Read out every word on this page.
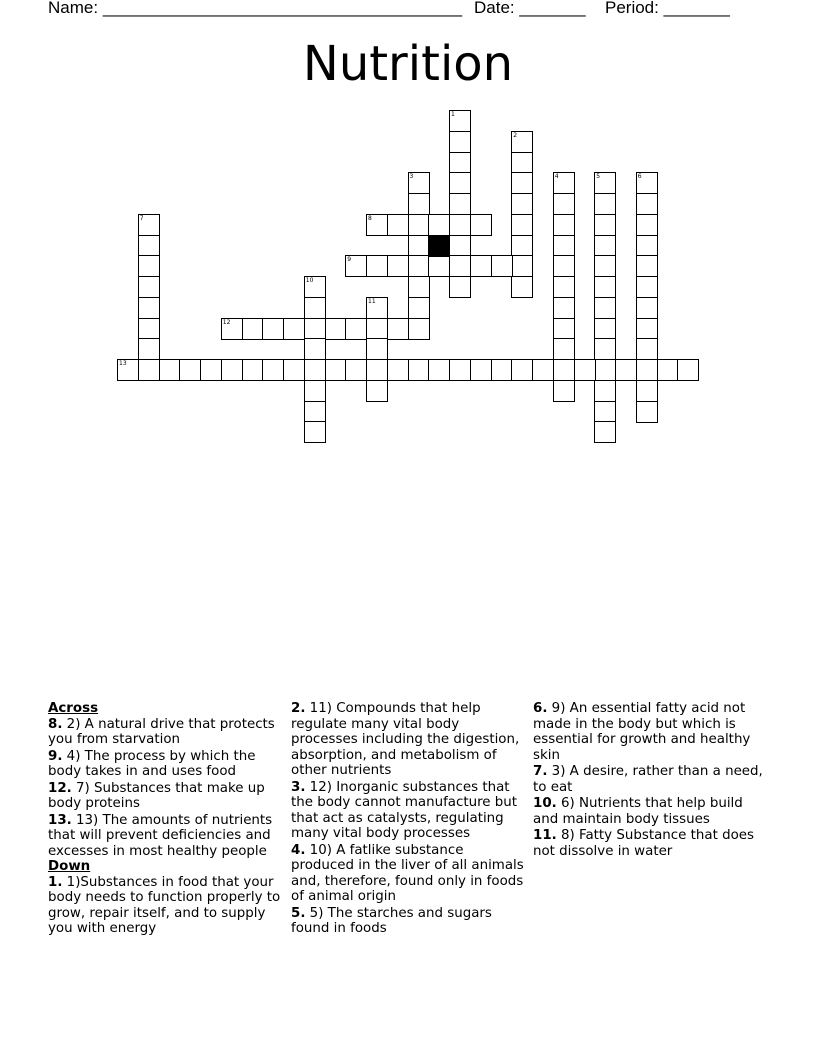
Name: ______________________________________ Date: _______ Period: _______
Nutrition
1
2
3	4	5	6
7	8
9
10
11
12
13
Across
8. 2) A natural drive that protects you from starvation
9. 4) The process by which the body takes in and uses food
12. 7) Substances that make up body proteins
13. 13) The amounts of nutrients that will prevent deficiencies and excesses in most healthy people
Down
1. 1)Substances in food that your body needs to function properly to grow, repair itself, and to supply you with energy
2. 11) Compounds that help regulate many vital body processes including the digestion, absorption, and metabolism of other nutrients
3. 12) Inorganic substances that the body cannot manufacture but that act as catalysts, regulating many vital body processes
4. 10) A fatlike substance produced in the liver of all animals and, therefore, found only in foods of animal origin
5. 5) The starches and sugars found in foods
6. 9) An essential fatty acid not made in the body but which is essential for growth and healthy skin
7. 3) A desire, rather than a need, to eat
10. 6) Nutrients that help build and maintain body tissues
11. 8) Fatty Substance that does not dissolve in water
